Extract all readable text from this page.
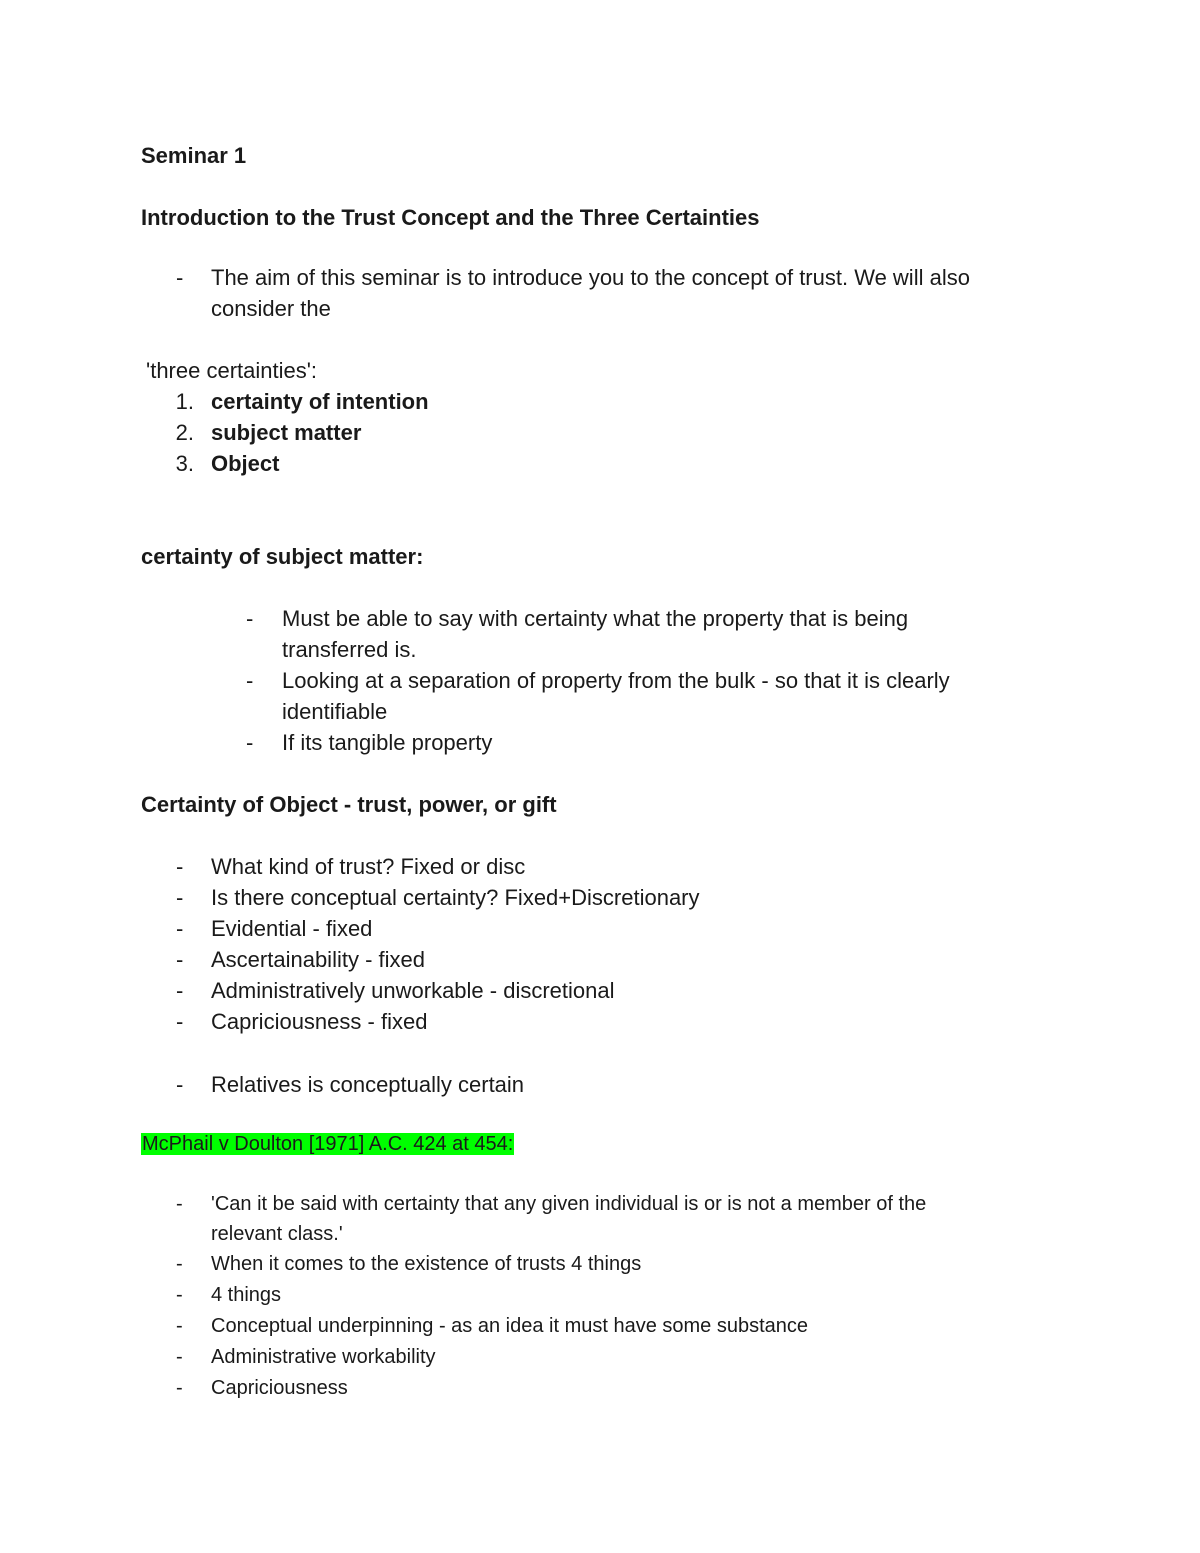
Seminar 1
Introduction to the Trust Concept and the Three Certainties
- The aim of this seminar is to introduce you to the concept of trust. We will also
consider the
'three certainties':
1. certainty of intention
2. subject matter
3. Object
certainty of subject matter:
- Must be able to say with certainty what the property that is being
transferred is.
- Looking at a separation of property from the bulk - so that it is clearly
identifiable
- If its tangible property
Certainty of Object - trust, power, or gift
- What kind of trust? Fixed or disc
- Is there conceptual certainty? Fixed+Discretionary
- Evidential - fixed
- Ascertainability - fixed
- Administratively unworkable - discretional
- Capriciousness - fixed
- Relatives is conceptually certain
McPhail v Doulton [1971] A.C. 424 at 454:
- 'Can it be said with certainty that any given individual is or is not a member of the
relevant class.'
- When it comes to the existence of trusts 4 things
- 4 things
- Conceptual underpinning - as an idea it must have some substance
- Administrative workability
- Capriciousness
